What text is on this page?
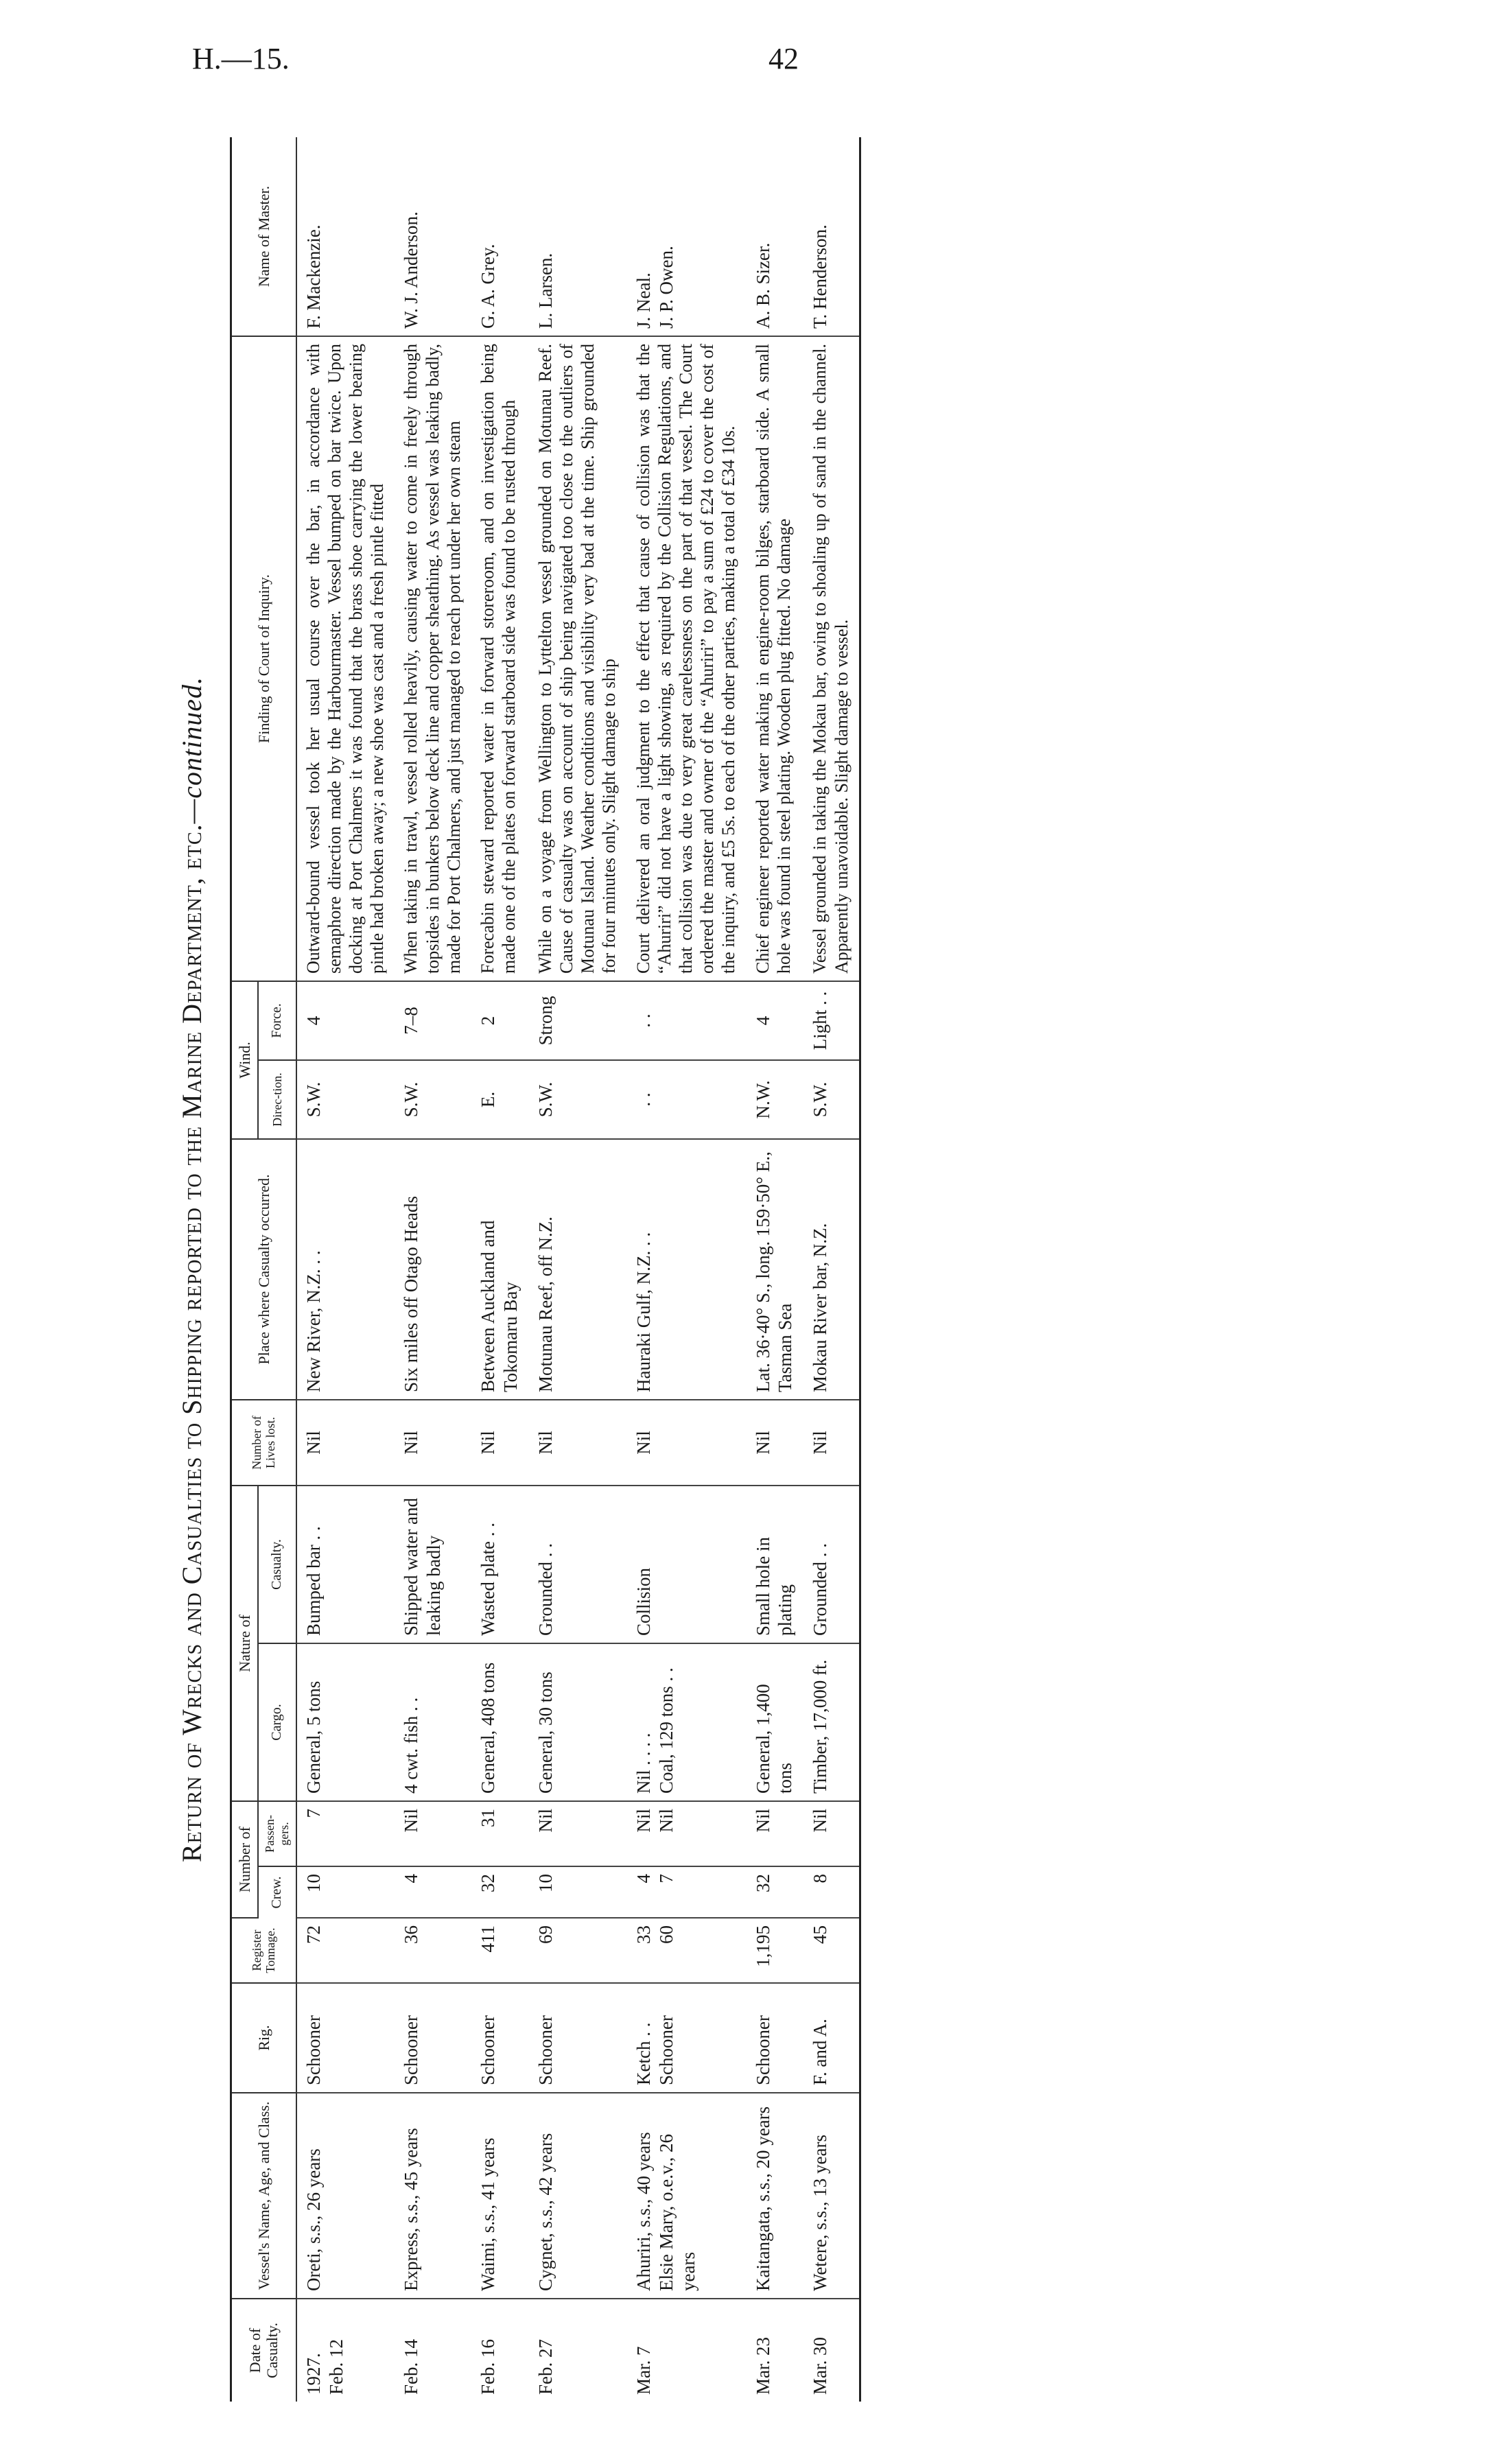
H.—15.	42
Return of Wrecks and Casualties to Shipping reported to the Marine Department, etc.—continued.
Date of Casualty.	Vessel's Name, Age, and Class.	Rig.	Register Tonnage.	Number of		Nature of		Number of Lives lost.	Place where Casualty occurred.	Wind.		Finding of Court of Inquiry.	Name of Master.
				Crew.	Passen-gers.	Cargo.	Casualty.			Direc-tion.	Force.		

1927. Feb. 12	Oreti, s.s., 26 years	Schooner	72	10	7	General, 5 tons	Bumped bar . .	Nil	New River, N.Z. . .	S.W.	4	Outward-bound vessel took her usual course over the bar, in accordance with semaphore direction made by the Harbourmaster. Vessel bumped on bar twice. Upon docking at Port Chalmers it was found that the brass shoe carrying the lower bearing pintle had broken away; a new shoe was cast and a fresh pintle fitted	F. Mackenzie.
Feb. 14	Express, s.s., 45 years	Schooner	36	4	Nil	4 cwt. fish . .	Shipped water and leaking badly	Nil	Six miles off Otago Heads	S.W.	7–8	When taking in trawl, vessel rolled heavily, causing water to come in freely through topsides in bunkers below deck line and copper sheathing. As vessel was leaking badly, made for Port Chalmers, and just managed to reach port under her own steam	W. J. Anderson.
Feb. 16	Waimi, s.s., 41 years	Schooner	411	32	31	General, 408 tons	Wasted plate . .	Nil	Between Auckland and Tokomaru Bay	E.	2	Forecabin steward reported water in forward storeroom, and on investigation being made one of the plates on forward starboard side was found to be rusted through	G. A. Grey.
Feb. 27	Cygnet, s.s., 42 years	Schooner	69	10	Nil	General, 30 tons	Grounded . .	Nil	Motunau Reef, off N.Z.	S.W.	Strong	While on a voyage from Wellington to Lyttelton vessel grounded on Motunau Reef. Cause of casualty was on account of ship being navigated too close to the outliers of Motunau Island. Weather conditions and visibility very bad at the time. Ship grounded for four minutes only. Slight damage to ship	L. Larsen.
Mar. 7	Ahuriri, s.s., 40 years Elsie Mary, o.e.v., 26 years	Ketch . . Schooner	33 60	4 7	Nil Nil	Nil . . . . Coal, 129 tons . .	Collision	Nil	Hauraki Gulf, N.Z. . .	. .	. .	Court delivered an oral judgment to the effect that cause of collision was that the “Ahuriri” did not have a light showing, as required by the Collision Regulations, and that collision was due to very great carelessness on the part of that vessel. The Court ordered the master and owner of the “Ahuriri” to pay a sum of £24 to cover the cost of the inquiry, and £5 5s. to each of the other parties, making a total of £34 10s.	J. Neal. J. P. Owen.
Mar. 23	Kaitangata, s.s., 20 years	Schooner	1,195	32	Nil	General, 1,400 tons	Small hole in plating	Nil	Lat. 36·40° S., long. 159·50° E., Tasman Sea	N.W.	4	Chief engineer reported water making in engine-room bilges, starboard side. A small hole was found in steel plating. Wooden plug fitted. No damage	A. B. Sizer.
Mar. 30	Wetere, s.s., 13 years	F. and A.	45	8	Nil	Timber, 17,000 ft.	Grounded . .	Nil	Mokau River bar, N.Z.	S.W.	Light . .	Vessel grounded in taking the Mokau bar, owing to shoaling up of sand in the channel. Apparently unavoidable. Slight damage to vessel.	T. Henderson.
